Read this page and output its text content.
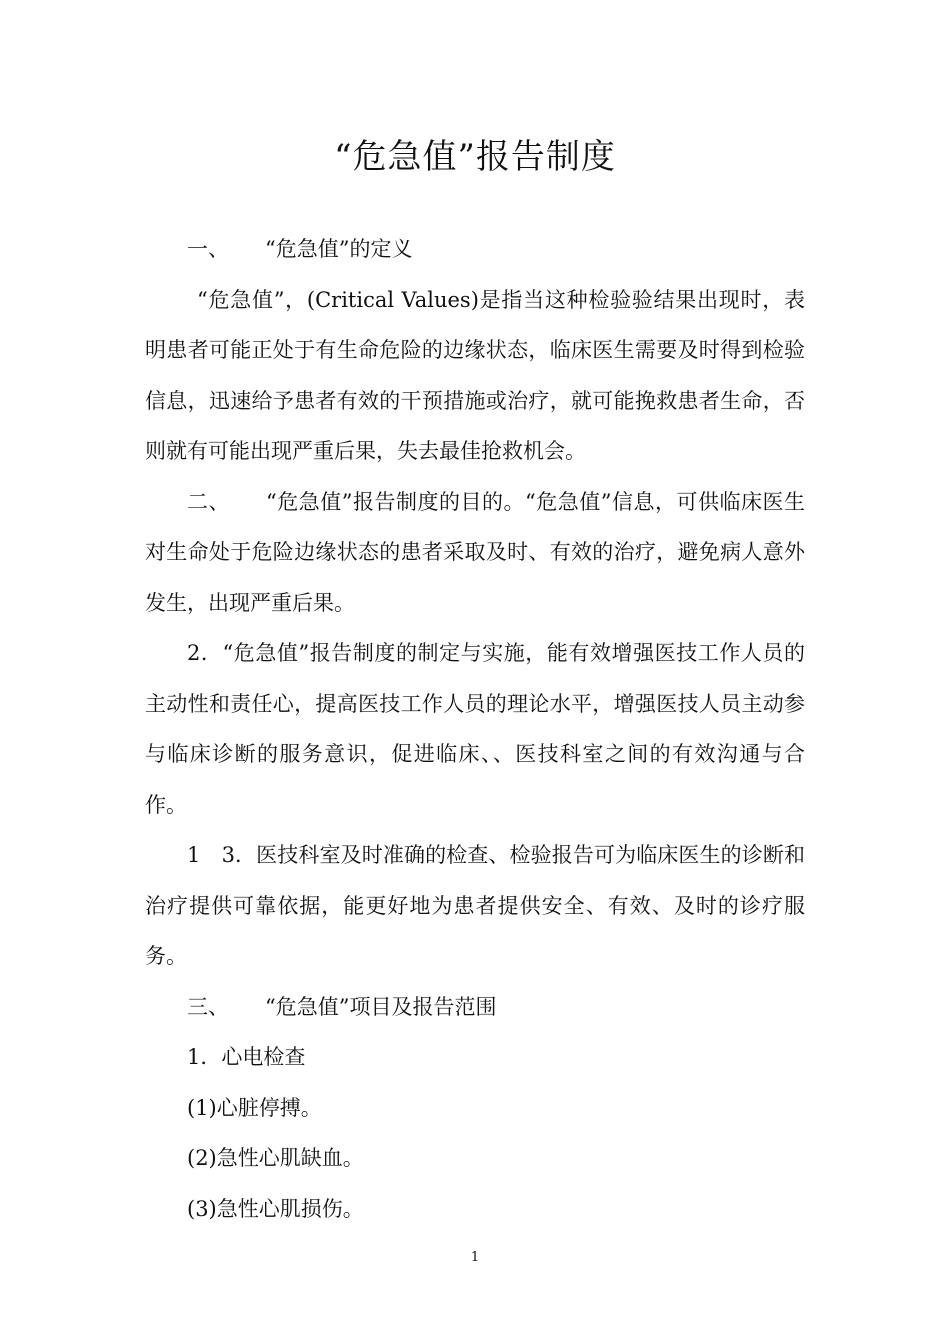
“危急值”报告制度

一、 “危急值”的定义

“危急值”，(Critical Values)是指当这种检验验结果出现时，表明患者可能正处于有生命危险的边缘状态，临床医生需要及时得到检验信息，迅速给予患者有效的干预措施或治疗，就可能挽救患者生命，否则就有可能出现严重后果，失去最佳抢救机会。

二、 “危急值”报告制度的目的。“危急值”信息，可供临床医生对生命处于危险边缘状态的患者采取及时、有效的治疗，避免病人意外发生，出现严重后果。

2．“危急值”报告制度的制定与实施，能有效增强医技工作人员的主动性和责任心，提高医技工作人员的理论水平，增强医技人员主动参与临床诊断的服务意识，促进临床、、医技科室之间的有效沟通与合作。

1　3．医技科室及时准确的检查、检验报告可为临床医生的诊断和治疗提供可靠依据，能更好地为患者提供安全、有效、及时的诊疗服务。

三、 “危急值”项目及报告范围

1．心电检查

(1)心脏停搏。

(2)急性心肌缺血。

(3)急性心肌损伤。

1
